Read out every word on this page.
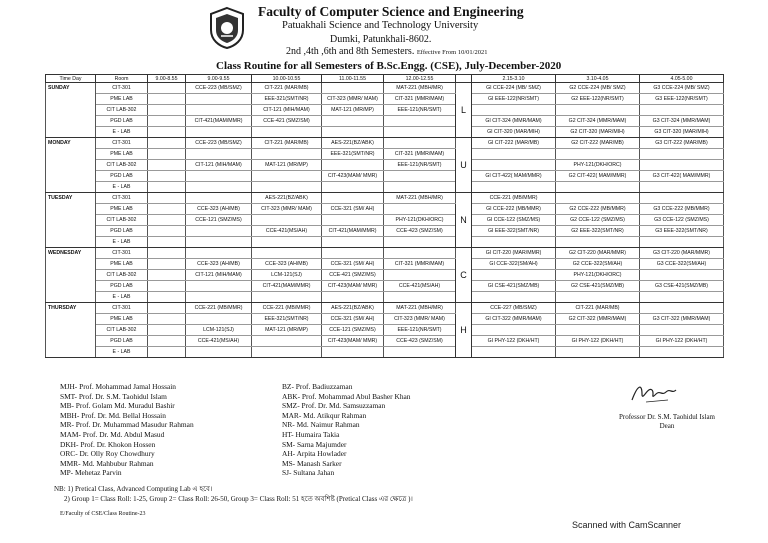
Faculty of Computer Science and Engineering
Patuakhali Science and Technology University
Dumki, Patunkhali-8602.
2nd ,4th ,6th and 8th Semesters. Effective From 10/01/2021
Class Routine for all Semesters of B.Sc.Engg. (CSE), July-December-2020
Time Day	Room	9.00-8.55	9.00-9.55	10.00-10.55	11.00-11.55	12.00-12.55		2.15-3.10	3.10-4.05	4.05-5.00
SUNDAY	CIT-301		CCE-223 (MB/SMZ)	CIT-221 (MAR/MB)		MAT-221 (MBH/MR)	L	GI CCE-224 (MB/ SMZ)	G2 CCE-224 (MB/ SMZ)	G3 CCE-224 (MB/ SMZ)
	PME LAB			EEE-321(SMT/NR)	CIT-323 (MMR/ MAM)	CIT-321 (MMR/MAM)		GI EEE-122(NR/SMT)	G2 EEE-122(NR/SMT)	G3 EEE-122(NR/SMT)
	CIT LAB-302			CIT-121 (MIH/MAM)	MAT-121 (MR/MP)	EEE-121(NR/SMT)				
	PGD LAB		CIT-421(MAM/MMR)	CCE-421 (SMZ/SM)				GI CIT-324 (MMR/MAM)	G2 CIT-324 (MMR/MAM)	G3 CIT-324 (MMR/MAM)
	E - LAB							GI CIT-320 (MAR/MIH)	G2 CIT-320 (MAR/MIH)	G3 CIT-320 (MAR/MIH)
MONDAY	CIT-301		CCE-223 (MB/SMZ)	CIT-221 (MAR/MB)	AES-221(BZ/ABK)		U	GI CIT-222 (MAR/MB)	G2 CIT-222 (MAR/MB)	G3 CIT-222 (MAR/MB)
	PME LAB				EEE-321(SMT/NR)	CIT-321 (MMR/MAM)				
	CIT LAB-302		CIT-121 (MIH/MAM)	MAT-121 (MR/MP)		EEE-121(NR/SMT)			PHY-121(DKH/ORC)	
	PGD LAB				CIT-423(MAM/ MMR)			GI CIT-422( MAM/MMR)	G2 CIT-422( MAM/MMR)	G3 CIT-422( MAM/MMR)
	E - LAB									
TUESDAY	CIT-301			AES-221(BZ/ABK)		MAT-221 (MBH/MR)	N	CCE-221 (MB/MMR)		
	PME LAB		CCE-323 (AH/MB)	CIT-323 (MMR/ MAM)	CCE-321 (SM/ AH)			GI CCE-222 (MB/MMR)	G2 CCE-222 (MB/MMR)	G3 CCE-222 (MB/MMR)
	CIT LAB-302		CCE-121 (SMZ/MS)			PHY-121(DKH/ORC)		GI CCE-122 (SMZ/MS)	G2 CCE-122 (SMZ/MS)	G3 CCE-122 (SMZ/MS)
	PGD LAB			CCE-421(MS/AH)	CIT-421(MAM/MMR)	CCE-423 (SMZ/SM)		GI EEE-322(SMT/NR)	G2 EEE-322(SMT/NR)	G3 EEE-322(SMT/NR)
	E - LAB									
WEDNESDAY	CIT-301						C	GI CIT-220 (MAR/MMR)	G2 CIT-220 (MAR/MMR)	G3 CIT-220 (MAR/MMR)
	PME LAB		CCE-323 (AH/MB)	CCE-323 (AH/MB)	CCE-321 (SM/ AH)	CIT-321 (MMR/MAM)		GI CCE-322(SM/AH)	G2 CCE-322(SM/AH)	G3 CCE-322(SM/AH)
	CIT LAB-302		CIT-121 (MIH/MAM)	LCM-121(SJ)	CCE-421 (SMZ/MS)				PHY-121(DKH/ORC)	
	PGD LAB			CIT-421(MAM/MMR)	CIT-423(MAM/ MMR)	CCE-421(MS/AH)		GI CSE-421(SMZ/MB)	G2 CSE-421(SMZ/MB)	G3 CSE-421(SMZ/MB)
	E - LAB									
THURSDAY	CIT-301		CCE-221 (MB/MMR)	CCE-221 (MB/MMR)	AES-221(BZ/ABK)	MAT-221 (MBH/MR)	H	CCE-227 (MB/SMZ)	CIT-221 (MAR/MB)	
	PME LAB			EEE-321(SMT/NR)	CCE-321 (SM/ AH)	CIT-323 (MMR/ MAM)		GI CIT-322 (MMR/MAM)	G2 CIT-322 (MMR/MAM)	G3 CIT-322 (MMR/MAM)
	CIT LAB-302		LCM-121(SJ)	MAT-121 (MR/MP)	CCE-121 (SMZ/MS)	EEE-121(NR/SMT)				
	PGD LAB		CCE-421(MS/AH)		CIT-423(MAM/ MMR)	CCE-423 (SMZ/SM)		GI PHY-122 (DKH/HT)	GI PHY-122 (DKH/HT)	GI PHY-122 (DKH/HT)
	E - LAB									
MJH- Prof. Mohammad Jamal Hossain
SMT- Prof. Dr. S.M. Taohidul Islam
MB- Prof. Golam Md. Muradul Bashir
MBH- Prof. Dr. Md. Bellal Hossain
MR- Prof. Dr. Muhammad Masudur Rahman
MAM- Prof. Dr. Md. Abdul Masud
DKH- Prof. Dr. Khokon Hossen
ORC- Dr. Olly Roy Chowdhury
MMR- Md. Mahbubur Rahman
MP- Mehetaz Parvin
BZ- Prof. Badiuzzaman
ABK- Prof. Mohammad Abul Basher Khan
SMZ- Prof. Dr. Md. Samsuzzaman
MAR- Md. Atikqur Rahman
NR- Md. Naimur Rahman
HT- Humaira Takia
SM- Sarna Majumder
AH- Arpita Howlader
MS- Manash Sarker
SJ- Sultana Jahan
Professor Dr. S.M. Taohidul Islam
Dean
NB: 1) Pretical Class, Advanced Computing Lab এ হবে।
2) Group 1= Class Roll: 1-25, Group 2= Class Roll: 26-50, Group 3= Class Roll: 51 হতে অবশিষ্ট (Pretical Class এর ক্ষেত্রে )।
E/Faculty of CSE/Class Routine-23
Scanned with CamScanner
